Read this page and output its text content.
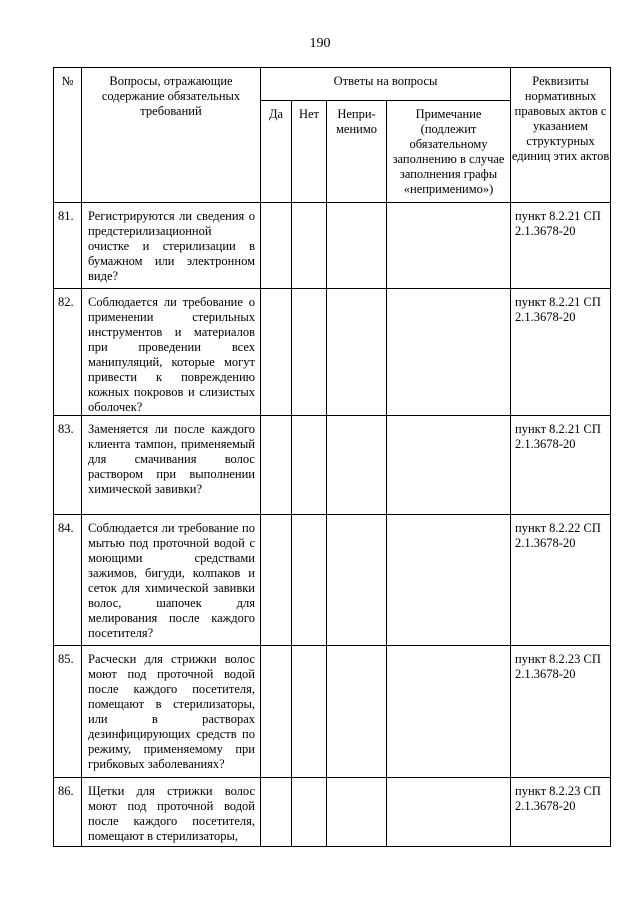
190
№	Вопросы, отражающие содержание обязательных требований	Ответы на вопросы				Реквизиты нормативных правовых актов с указанием структурных единиц этих актов
		Да	Нет	Непри-менимо	Примечание (подлежит обязательному заполнению в случае заполнения графы «неприменимо»)	
81.	Регистрируются ли сведения о предстерилизационной очистке и стерилизации в бумажном или электронном виде?					пункт 8.2.21 СП 2.1.3678-20
82.	Соблюдается ли требование о применении стерильных инструментов и материалов при проведении всех манипуляций, которые могут привести к повреждению кожных покровов и слизистых оболочек?					пункт 8.2.21 СП 2.1.3678-20
83.	Заменяется ли после каждого клиента тампон, применяемый для смачивания волос раствором при выполнении химической завивки?					пункт 8.2.21 СП 2.1.3678-20
84.	Соблюдается ли требование по мытью под проточной водой с моющими средствами зажимов, бигуди, колпаков и сеток для химической завивки волос, шапочек для мелирования после каждого посетителя?					пункт 8.2.22 СП 2.1.3678-20
85.	Расчески для стрижки волос моют под проточной водой после каждого посетителя, помещают в стерилизаторы, или в растворах дезинфицирующих средств по режиму, применяемому при грибковых заболеваниях?					пункт 8.2.23 СП 2.1.3678-20
86.	Щетки для стрижки волос моют под проточной водой после каждого посетителя, помещают в стерилизаторы,					пункт 8.2.23 СП 2.1.3678-20
